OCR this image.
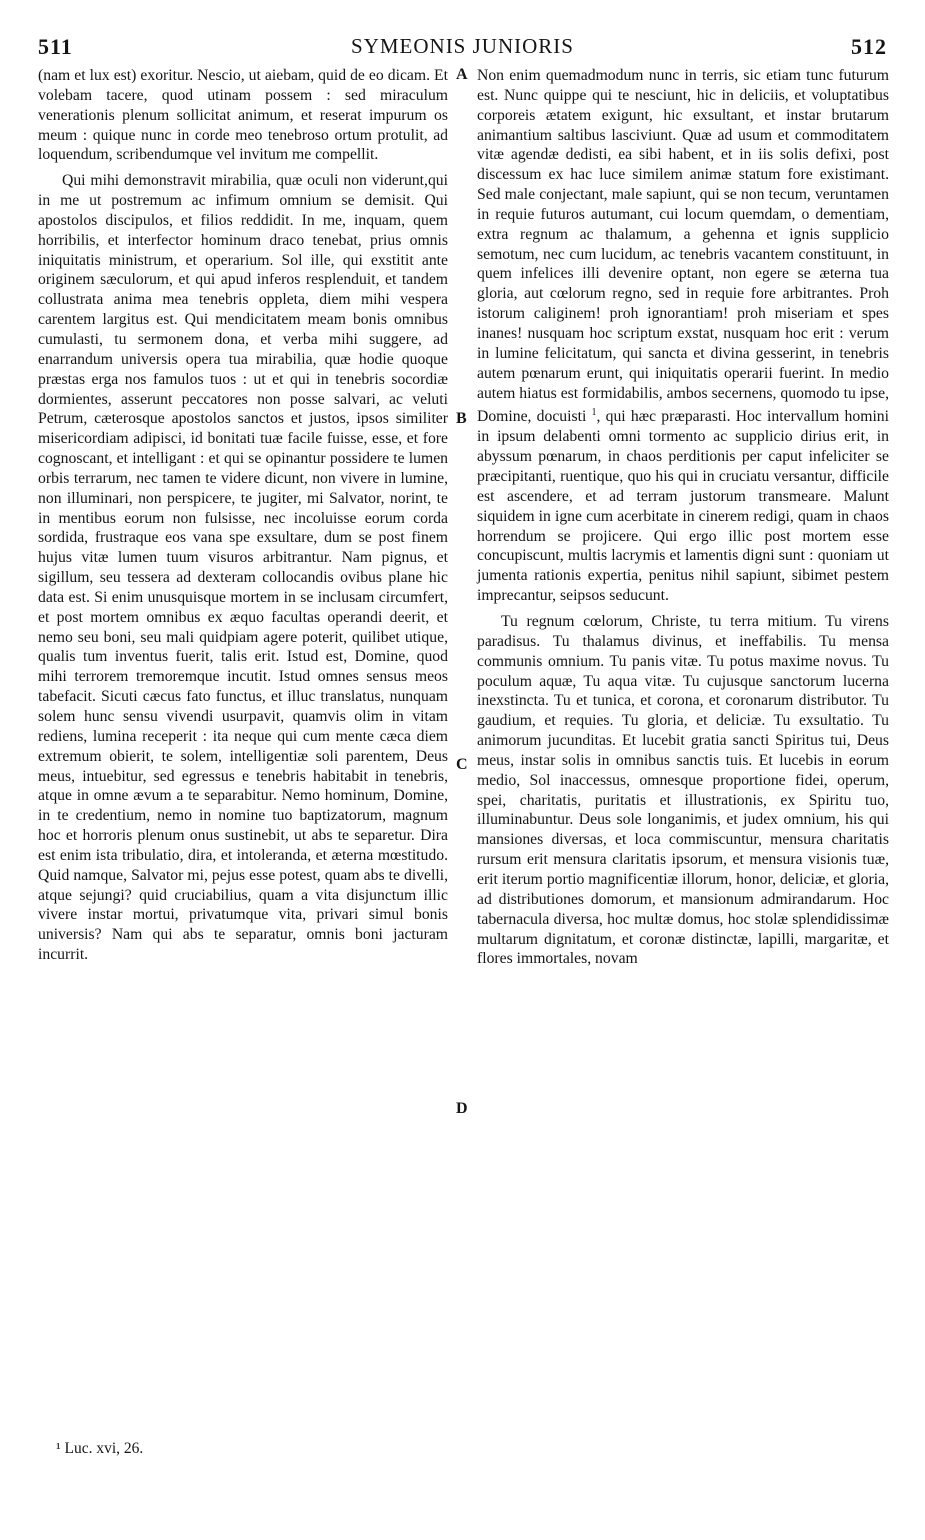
511	SYMEONIS JUNIORIS	512

(nam et lux est) exoritur. Nescio, ut aiebam, quid de eo dicam. Et volebam tacere, quod utinam possem : sed miraculum venerationis plenum sollicitat animum, et reserat impurum os meum : quique nunc in corde meo tenebroso ortum protulit, ad loquendum, scribendumque vel invitum me compellit.

Qui mihi demonstravit mirabilia, quæ oculi non viderunt,qui in me ut postremum ac infimum omnium se demisit. Qui apostolos discipulos, et filios reddidit. In me, inquam, quem horribilis, et interfector hominum draco tenebat, prius omnis iniquitatis ministrum, et operarium. Sol ille, qui exstitit ante originem sæculorum, et qui apud inferos resplenduit, et tandem collustrata anima mea tenebris oppleta, diem mihi vespera carentem largitus est. Qui mendicitatem meam bonis omnibus cumulasti, tu sermonem dona, et verba mihi suggere, ad enarrandum universis opera tua mirabilia, quæ hodie quoque præstas erga nos famulos tuos : ut et qui in tenebris socordiæ dormientes, asserunt peccatores non posse salvari, ac veluti Petrum, cæterosque apostolos sanctos et justos, ipsos similiter misericordiam adipisci, id bonitati tuæ facile fuisse, esse, et fore cognoscant, et intelligant : et qui se opinantur possidere te lumen orbis terrarum, nec tamen te videre dicunt, non vivere in lumine, non illuminari, non perspicere, te jugiter, mi Salvator, norint, te in mentibus eorum non fulsisse, nec incoluisse eorum corda sordida, frustraque eos vana spe exsultare, dum se post finem hujus vitæ lumen tuum visuros arbitrantur. Nam pignus, et sigillum, seu tessera ad dexteram collocandis ovibus plane hic data est. Si enim unusquisque mortem in se inclusam circumfert, et post mortem omnibus ex æquo facultas operandi deerit, et nemo seu boni, seu mali quidpiam agere poterit, quilibet utique, qualis tum inventus fuerit, talis erit. Istud est, Domine, quod mihi terrorem tremoremque incutit. Istud omnes sensus meos tabefacit. Sicuti cæcus fato functus, et illuc translatus, nunquam solem hunc sensu vivendi usurpavit, quamvis olim in vitam rediens, lumina receperit : ita neque qui cum mente cæca diem extremum obierit, te solem, intelligentiæ soli parentem, Deus meus, intuebitur, sed egressus e tenebris habitabit in tenebris, atque in omne ævum a te separabitur. Nemo hominum, Domine, in te credentium, nemo in nomine tuo baptizatorum, magnum hoc et horroris plenum onus sustinebit, ut abs te separetur. Dira est enim ista tribulatio, dira, et intoleranda, et æterna mœstitudo. Quid namque, Salvator mi, pejus esse potest, quam abs te divelli, atque sejungi? quid cruciabilius, quam a vita disjunctum illic vivere instar mortui, privatumque vita, privari simul bonis universis? Nam qui abs te separatur, omnis boni jacturam incurrit.

A
B
C
D

Non enim quemadmodum nunc in terris, sic etiam tunc futurum est. Nunc quippe qui te nesciunt, hic in deliciis, et voluptatibus corporeis ætatem exigunt, hic exsultant, et instar brutarum animantium saltibus lasciviunt. Quæ ad usum et commoditatem vitæ agendæ dedisti, ea sibi habent, et in iis solis defixi, post discessum ex hac luce similem animæ statum fore existimant. Sed male conjectant, male sapiunt, qui se non tecum, veruntamen in requie futuros autumant, cui locum quemdam, o dementiam, extra regnum ac thalamum, a gehenna et ignis supplicio semotum, nec cum lucidum, ac tenebris vacantem constituunt, in quem infelices illi devenire optant, non egere se æterna tua gloria, aut cœlorum regno, sed in requie fore arbitrantes. Proh istorum caliginem! proh ignorantiam! proh miseriam et spes inanes! nusquam hoc scriptum exstat, nusquam hoc erit : verum in lumine felicitatum, qui sancta et divina gesserint, in tenebris autem pœnarum erunt, qui iniquitatis operarii fuerint. In medio autem hiatus est formidabilis, ambos secernens, quomodo tu ipse, Domine, docuisti $^1$, qui hæc præparasti. Hoc intervallum homini in ipsum delabenti omni tormento ac supplicio dirius erit, in abyssum pœnarum, in chaos perditionis per caput infeliciter se præcipitanti, ruentique, quo his qui in cruciatu versantur, difficile est ascendere, et ad terram justorum transmeare. Malunt siquidem in igne cum acerbitate in cinerem redigi, quam in chaos horrendum se projicere. Qui ergo illic post mortem esse concupiscunt, multis lacrymis et lamentis digni sunt : quoniam ut jumenta rationis expertia, penitus nihil sapiunt, sibimet pestem imprecantur, seipsos seducunt.

Tu regnum cœlorum, Christe, tu terra mitium. Tu virens paradisus. Tu thalamus divinus, et ineffabilis. Tu mensa communis omnium. Tu panis vitæ. Tu potus maxime novus. Tu poculum aquæ, Tu aqua vitæ. Tu cujusque sanctorum lucerna inexstincta. Tu et tunica, et corona, et coronarum distributor. Tu gaudium, et requies. Tu gloria, et deliciæ. Tu exsultatio. Tu animorum jucunditas. Et lucebit gratia sancti Spiritus tui, Deus meus, instar solis in omnibus sanctis tuis. Et lucebis in eorum medio, Sol inaccessus, omnesque proportione fidei, operum, spei, charitatis, puritatis et illustrationis, ex Spiritu tuo, illuminabuntur. Deus sole longanimis, et judex omnium, his qui mansiones diversas, et loca commiscuntur, mensura charitatis rursum erit mensura claritatis ipsorum, et mensura visionis tuæ, erit iterum portio magnificentiæ illorum, honor, deliciæ, et gloria, ad distributiones domorum, et mansionum admirandarum. Hoc tabernacula diversa, hoc multæ domus, hoc stolæ splendidissimæ multarum dignitatum, et coronæ distinctæ, lapilli, margaritæ, et flores immortales, novam

¹ Luc. xvi, 26.
